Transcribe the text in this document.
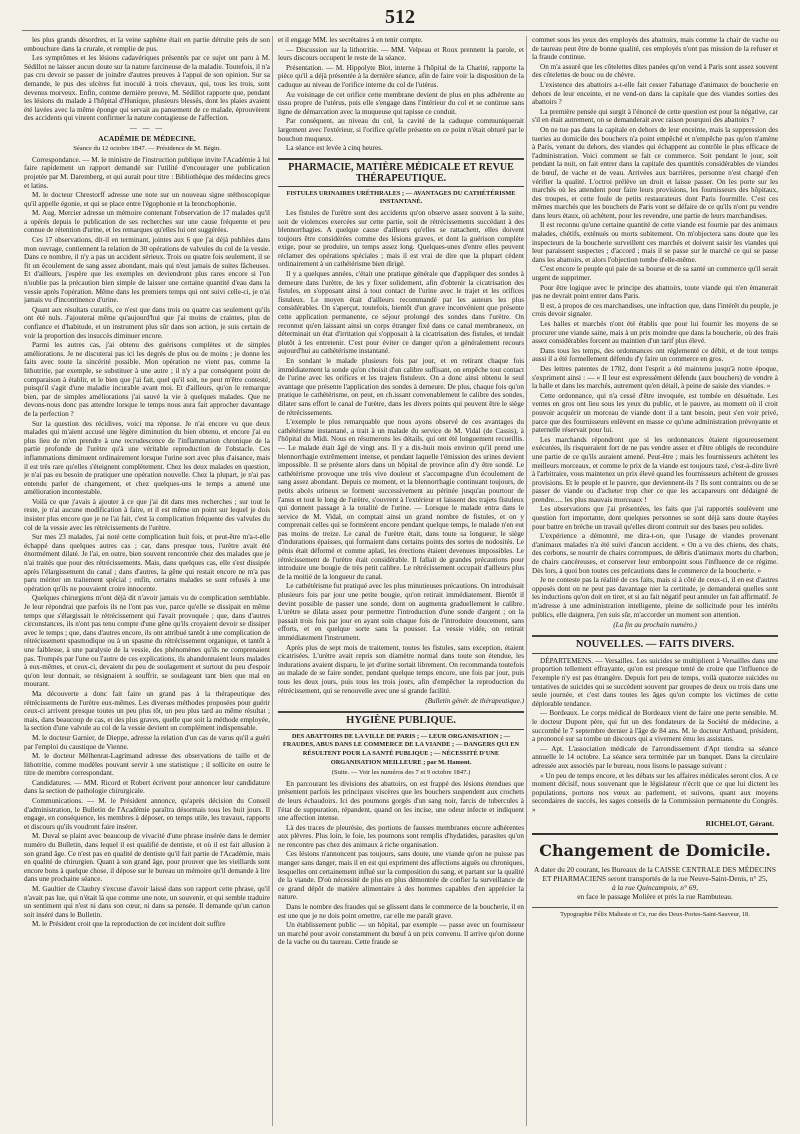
512

les plus grands désordres, et la veine saphène était en partie détruite près de son embouchure dans la crurale, et remplie de pus.

Les symptômes et les lésions cadavériques présentés par ce sujet ont paru à M. Sédillot ne laisser aucun doute sur la nature farcineuse de la maladie. Toutefois, il n'a pas cru devoir se passer de joindre d'autres preuves à l'appui de son opinion. Sur sa demande, le pus des ulcères fut inoculé à trois chevaux, qui, tous les trois, sont devenus morveux. Enfin, comme dernière preuve, M. Sédillot rapporte que, pendant les lésions du malade à l'hôpital d'Hunique, plusieurs blessés, dont les plaies avaient été lavées avec la même éponge qui servait au pansement de ce malade, éprouvèrent des accidents qui vinrent confirmer la nature contagieuse de l'affection.

— — —
ACADÉMIE DE MÉDECINE.
Séance du 12 octobre 1847. — Présidence de M. Bégin.

Correspondance. — M. le ministre de l'instruction publique invite l'Académie à lui faire rapidement un rapport demandé sur l'utilité d'encourager une publication projetée par M. Daremberg, et qui aurait pour titre : Bibliothèque des médecins grecs et latins.

M. le docteur Chrestorff adresse une note sur un nouveau signe stéthoscopique qu'il appelle égonie, et qui se place entre l'égophonie et la bronchophonie.

M. Aug. Mercier adresse un mémoire contenant l'observation de 17 malades qu'il a opérés depuis le publication de ses recherches sur une cause fréquente et peu connue de rétention d'urine, et les remarques qu'elles lui ont suggérées.

Ces 17 observations, dit-il en terminant, jointes aux 6 que j'ai déjà publiées dans mon ouvrage, contiennent la relation de 30 opérations de valvules du col de la vessie. Dans ce nombre, il n'y a pas un accident sérieux. Trois ou quatre fois seulement, il se fit un écoulement de sang assez abondant, mais qui n'eut jamais de suites fâcheuses. Et d'ailleurs, j'espère que les exemples en deviendront plus rares encore si l'on n'oublie pas la précaution bien simple de laisser une certaine quantité d'eau dans la vessie après l'opération. Même dans les premiers temps qui ont suivi celle-ci, je n'ai jamais vu d'incontinence d'urine.

Quant aux résultats curatifs, ce n'est que dans trois ou quatre cas seulement qu'ils ont été nuls. J'ajouterai même qu'aujourd'hui que j'ai moins de craintes, plus de confiance et d'habitude, et un instrument plus sûr dans son action, je suis certain de voir la proportion des insuccès diminuer encore.

Parmi les autres cas, j'ai obtenu des guérisons complètes et de simples améliorations. Je ne discuterai pas ici les degrés de plus ou de moins ; je donne les faits avec toute la sincérité possible. Mon opération ne vient pas, comme la lithotritie, par exemple, se substituer à une autre ; il n'y a par conséquent point de comparaison à établir, et le bien que j'ai fait, quel qu'il soit, ne peut m'être contesté, puisqu'il s'agit d'une maladie incurable avant moi. Et d'ailleurs, qu'on le remarque bien, par de simples améliorations j'ai sauvé la vie à quelques malades. Que ne devons-nous donc pas attendre lorsque le temps nous aura fait approcher davantage de la perfection ?

Sur la question des récidives, voici ma réponse. Je n'ai encore vu que deux malades qui m'aient accusé une légère diminution du bien obtenu, et encore j'ai eu plus lieu de m'en prendre à une recrudescence de l'inflammation chronique de la partie profonde de l'urètre qu'à une véritable reproduction de l'obstacle. Ces inflammations diminuent ordinairement lorsque l'urine sort avec plus d'aisance, mais il est très rare qu'elles s'éteignent complètement. Chez les deux malades en question, je n'ai pas eu besoin de pratiquer une opération nouvelle. Chez la plupart, je n'ai pas entendu parler de changement, et chez quelques-uns le temps a amené une amélioration incontestable.

Voilà ce que j'avais à ajouter à ce que j'ai dit dans mes recherches ; sur tout le reste, je n'ai aucune modification à faire, et il est même un point sur lequel je dois insister plus encore que je ne l'ai fait, c'est la complication fréquente des valvules du col de la vessie avec les rétrécissements de l'urètre.

Sur mes 23 malades, j'ai noté cette complication huit fois, et peut-être m'a-t-elle échappé dans quelques autres cas ; car, dans presque tous, l'urètre avait été énormément dilaté. Je l'ai, en outre, bien souvent rencontrée chez des malades que je n'ai traités que pour des rétrécissements. Mais, dans quelques cas, elle s'est dissipée après l'élargissement du canal ; dans d'autres, la gêne qui restait encore ne m'a pas paru mériter un traitement spécial ; enfin, certains malades se sont refusés à une opération qu'ils ne pouvaient croire innocente.

Quelques chirurgiens m'ont déjà dit n'avoir jamais vu de complication semblable. Je leur répondrai que parfois ils ne l'ont pas vue, parce qu'elle se dissipait en même temps que s'élargissait le rétrécissement qui l'avait provoquée ; que, dans d'autres circonstances, ils n'ont pas tenu compte d'une gêne qu'ils croyaient devoir se dissiper avec le temps ; que, dans d'autres encore, ils ont attribué tantôt à une complication de rétrécissement spasmodique ou à un spasme du rétrécissement organique, et tantôt à une faiblesse, à une paralysie de la vessie, des phénomènes qu'ils ne comprenaient pas. Trompés par l'une ou l'autre de ces explications, ils abandonnaient leurs malades à eux-mêmes, et ceux-ci, devaient du peu de soulagement et surtout du peu d'espoir qu'on leur donnait, se résignaient à souffrir, se soulageant tant bien que mal en mourant.

Ma découverte a donc fait faire un grand pas à la thérapeutique des rétrécissements de l'urètre eux-mêmes. Les diverses méthodes proposées pour guérir ceux-ci arrivent presque toutes un peu plus tôt, un peu plus tard au même résultat ; mais, dans beaucoup de cas, et des plus graves, quelle que soit la méthode employée, la section d'une valvule au col de la vessie devient un complément indispensable.

M. le docteur Garnier, de Dieppe, adresse la relation d'un cas de varus qu'il a guéri par l'emploi du caustique de Vienne.

M. le docteur Mélhenrat-Lagrimand adresse des observations de taille et de lithotritie, comme modèles pouvant servir à une statistique ; il sollicite en outre le titre de membre correspondant.

Candidatures. — MM. Ricord et Robert écrivent pour annoncer leur candidature dans la section de pathologie chirurgicale.

Communications. — M. le Président annonce, qu'après décision du Conseil d'administration, le Bulletin de l'Académie paraîtra désormais tous les huit jours. Il engage, en conséquence, les membres à déposer, en temps utile, les travaux, rapports et discours qu'ils voudront faire insérer.

M. Duval se plaint avec beaucoup de vivacité d'une phrase insérée dans le dernier numéro du Bulletin, dans lequel il est qualifié de dentiste, et où il est fait allusion à son grand âge. Ce n'est pas en qualité de dentiste qu'il fait partie de l'Académie, mais en qualité de chirurgien. Quant à son grand âge, pour prouver que les vieillards sont encore bons à quelque chose, il dépose sur le bureau un mémoire qu'il demande à lire dans une prochaine séance.

M. Gaultier de Claubry s'excuse d'avoir laissé dans son rapport cette phrase, qu'il n'avait pas lue, qui n'était là que comme une note, un souvenir, et qui semble traduire un sentiment qui n'est ni dans son cœur, ni dans sa pensée. Il demande qu'un carton soit inséré dans le Bulletin.

M. le Président croit que la reproduction de cet incident doit suffire

et il engage MM. les secrétaires à en tenir compte.

— Discussion sur la lithotritie. — MM. Velpeau et Roux prennent la parole, et leurs discours occupent le reste de la séance.

Présentation. — M. Hippolyte Blot, interne à l'hôpital de la Charité, rapporte la pièce qu'il a déjà présentée à la dernière séance, afin de faire voir la disposition de la caduque au niveau de l'orifice interne du col de l'utérus.

Au voisinage de cet orifice cette membrane devient de plus en plus adhérente au tissu propre de l'utérus, puis elle s'engage dans l'intérieur du col et se continue sans ligne de démarcation avec la muqueuse qui tapisse ce conduit.

Par conséquent, au niveau du col, la cavité de la caduque communiquerait largement avec l'extérieur, si l'orifice qu'elle présente en ce point n'était obturé par le bouchon muqueux.

La séance est levée à cinq heures.

PHARMACIE, MATIÈRE MÉDICALE ET REVUE THÉRAPEUTIQUE.
FISTULES URINAIRES URÉTHRALES ; — AVANTAGES DU CATHÉTÉRISME INSTANTANÉ.

Les fistules de l'urètre sont des accidents qu'on observe assez souvent à la suite, soit de violences exercées sur cette partie, soit de rétrécissements succédant à des blennorrhagies. A quelque cause d'ailleurs qu'elles se rattachent, elles doivent toujours être considérées comme des lésions graves, et dont la guérison complète exige, pour se produire, un temps assez long. Quelques-unes d'entre elles peuvent réclamer des opérations spéciales ; mais il est vrai de dire que la plupart cèdent ordinairement à un cathétérisme bien dirigé.

Il y a quelques années, c'était une pratique générale que d'appliquer des sondes à demeure dans l'urètre, de les y fixer solidement, afin d'obtenir la cicatrisation des fistules, en s'opposant ainsi à tout contact de l'urine avec le trajet et les orifices fistuleux. Le moyen était d'ailleurs recommandé par les auteurs les plus considérables. On s'aperçut, toutefois, bientôt d'un grave inconvénient que présente cette application permanente, ce séjour prolongé des sondes dans l'urètre. On reconnut qu'en laissant ainsi un corps étranger fixé dans ce canal membraneux, on déterminait un état d'irritation qui s'opposait à la cicatrisation des fistules, et tendait plutôt à les entretenir. C'est pour éviter ce danger qu'on a généralement recours aujourd'hui au cathétérisme instantané.

En sondant le malade plusieurs fois par jour, et en retirant chaque fois immédiatement la sonde qu'on choisit d'un calibre suffisant, on empêche tout contact de l'urine avec les orifices et les trajets fistuleux. On a donc ainsi obtenu le seul avantage que présente l'application des sondes à demeure. De plus, chaque fois qu'on pratique le cathétérisme, on peut, en ch.issant convenablement le calibre des sondes, dilater sans effort le canal de l'urètre, dans les divers points qui peuvent être le siège de rétrécissements.

L'exemple le plus remarquable que nous ayons observé de ces avantages du cathétérisme instantané, a trait à un malade du service de M. Vidal (de Cassis), à l'hôpital du Midi. Nous en résumerons les détails, qui ont été longuement recueillis. — Le malade était âgé de vingt ans. Il y a dix-huit mois environ qu'il prend une blennorrhagie extrêmement intense, et pendant laquelle l'émission des urines devient impossible. Il se présente alors dans un hôpital de province afin d'y être sondé. Le cathétérisme provoque une très vive douleur et s'accompagne d'un écoulement de sang assez abondant. Depuis ce moment, et la blennorrhagie continuant toujours, de petits abcès urineux se forment successivement au périnée jusqu'au pourtour de l'anus et tout le long de l'urètre, s'ouvrent à l'extérieur et laissent des trajets fistuleux qui donnent passage à la totalité de l'urine. — Lorsque le malade entra dans le service de M. Vidal, on comptait ainsi un grand nombre de fistules, et on y comprenait celles qui se formèrent encore pendant quelque temps, le malade n'en eut pas moins de treize. Le canal de l'urètre était, dans toute sa longueur, le siège d'indurations épaisses, qui formaient dans certains points des sortes de nodosités. Le pénis était déformé et comme aplati, les érections étaient devenues impossibles. Le rétrécissement de l'urètre était considérable. Il fallait de grandes précautions pour introduire une bougie de très petit calibre. Le rétrécissement occupait d'ailleurs plus de la moitié de la longueur du canal.

Le cathétérisme fut pratiqué avec les plus minutieuses précautions. On introduisait plusieurs fois par jour une petite bougie, qu'on retirait immédiatement. Bientôt il devint possible de passer une sonde, dont on augmenta graduellement le calibre. L'urètre se dilata assez pour permettre l'introduction d'une sonde d'argent ; on la passait trois fois par jour en ayant soin chaque fois de l'introduire doucement, sans efforts, et en quelque sorte sans la pousser. La vessie vidée, on retirait immédiatement l'instrument.

Après plus de sept mois de traitement, toutes les fistules, sans exception, étaient cicatrisées. L'urètre avait repris son diamètre normal dans toute son étendue, les indurations avaient disparu, le jet d'urine sortait librement. On recommanda toutefois au malade de se faire sonder, pendant quelque temps encore, une fois par jour, puis tous les deux jours, puis tous les trois jours, afin d'empêcher la reproduction du rétrécissement, qui se renouvelle avec une si grande facilité.

(Bulletin génér. de thérapeutique.)
HYGIÈNE PUBLIQUE.
DES ABATTOIRS DE LA VILLE DE PARIS ; — LEUR ORGANISATION ; — FRAUDES, ABUS DANS LE COMMERCE DE LA VIANDE ; — DANGERS QUI EN RÉSULTENT POUR LA SANTÉ PUBLIQUE ; — NÉCESSITÉ D'UNE ORGANISATION MEILLEURE ; par M. Hamont.
(Suite. — Voir les numéros des 7 et 9 octobre 1847.)

En parcourant les divisions des abattoirs, on est frappé des lésions étendues que présentent parfois les principaux viscères que les bouchers suspendent aux crochets de leurs échaudoirs. Ici des poumons gorgés d'un sang noir, farcis de tubercules à l'état de suppuration, répandent, quand on les incise, une odeur infecte et indiquent une affection intense.

Là des traces de pleurésie, des portions de fausses membranes encore adhérentes aux plèvres. Plus loin, le foie, les poumons sont remplis d'hydatides, parasites qu'on ne rencontre pas chez des animaux à riche organisation.

Ces lésions n'annoncent pas toujours, sans doute, une viande qu'on ne puisse pas manger sans danger, mais il en est qui expriment des affections aiguës ou chroniques, lesquelles ont certainement influé sur la composition du sang, et partant sur la qualité de la viande. D'où nécessité de plus en plus démontrée de confier la surveillance de ce grand dépôt de matière alimentaire à des hommes capables d'en apprécier la nature.

Dans le nombre des fraudes qui se glissent dans le commerce de la boucherie, il en est une que je ne dois point omettre, car elle me paraît grave.

Un établissement public — un hôpital, par exemple — passe avec un fournisseur un marché pour avoir constamment du bœuf à un prix convenu. Il arrive qu'on donne de la vache ou du taureau. Cette fraude se

commet sous les yeux des employés des abattoirs, mais comme la chair de vache ou de taureau peut être de bonne qualité, ces employés n'ont pas mission de la refuser et la fraude continue.

On m'a assuré que les côtelettes dites panées qu'on vend à Paris sont assez souvent des côtelettes de bouc ou de chèvre.

L'existence des abattoirs a-t-elle fait cesser l'abattage d'animaux de boucherie en dehors de leur enceinte, et ne vend-on dans la capitale que des viandes sorties des abattoirs ?

La première pensée qui surgit à l'énoncé de cette question est pour la négative, car s'il en était autrement, on se demanderait avec raison pourquoi des abattoirs ?

On ne tue pas dans la capitale en dehors de leur enceinte, mais la suppression des tueries au domicile des bouchers n'a point empêché et n'empêche pas qu'on n'amène à Paris, venant du dehors, des viandes qui échappent au contrôle le plus efficace de l'administration. Voici comment se fait ce commerce. Soit pendant le jour, soit pendant la nuit, on fait entrer dans la capitale des quantités considérables de viandes de bœuf, de vache et de veau. Arrivées aux barrières, personne n'est chargé d'en vérifier la qualité. L'octroi prélève un droit et laisse passer. On les porte sur les marchés où les attendent pour faire leurs provisions, les fournisseurs des hôpitaux, des troupes, et cette foule de petits restaurateurs dont Paris fourmille. C'est ces mêmes marchés que les bouchers de Paris vont se défaire de ce qu'ils n'ont pu vendre dans leurs étaux, où achètent, pour les revendre, une partie de leurs marchandises.

Il est reconnu qu'une certaine quantité de cette viande est fournie par des animaux malades, chétifs, exténués ou morts subitement. On m'objectera sans doute que les inspecteurs de la boucherie surveillent ces marchés et doivent saisir les viandes qui leur paraissent suspectes ; d'accord ; mais il se passe sur le marché ce qui se passe dans les abattoirs, et alors l'objection tombe d'elle-même.

C'est encore le peuple qui paie de sa bourse et de sa santé un commerce qu'il serait urgent de supprimer.

Pour être logique avec le principe des abattoirs, toute viande qui n'en émanerait pas ne devrait point entrer dans Paris.

Il est, à propos de ces marchandises, une infraction que, dans l'intérêt du peuple, je crois devoir signaler.

Les halles et marchés n'ont été établis que pour lui fournir les moyens de se procurer une viande saine, mais à un prix moindre que dans la boucherie, où des frais assez considérables forcent au maintien d'un tarif plus élevé.

Dans tous les temps, des ordonnances ont réglementé ce débit, et de tout temps aussi il a été formellement défendu d'y faire un commerce en gros.

Des lettres patentes de 1782, dont l'esprit a été maintenu jusqu'à notre époque, s'expriment ainsi : — « Il leur est expressément défendu (aux bouchers) de vendre à la halle et dans les marchés, autrement qu'en détail, à peine de saisie des viandes. »

Cette ordonnance, qui n'a cessé d'être invoquée, est tombée en désuétude. Les ventes en gros ont lieu sous les yeux du public, et le pauvre, au moment où il croit pouvoir acquérir un morceau de viande dont il a tant besoin, peut s'en voir privé, parce que des fournisseurs enlèvent en masse ce qu'une administration prévoyante et paternelle réservait pour lui.

Les marchands répondront que si les ordonnances étaient rigoureusement exécutées, ils risqueraient fort de ne pas vendre assez et d'être obligés de reconduire une partie de ce qu'ils auraient amené. Peut-être ; mais les fournisseurs achètent les meilleurs morceaux, et comme le prix de la viande est toujours taxé, c'est-à-dire livré à l'arbitraire, vous maintenez un prix élevé quand les fournisseurs achètent de grosses provisions. Et le peuple et le pauvre, que deviennent-ils ? Ils sont contraints ou de se passer de viande ou d'acheter trop cher ce que les accapareurs ont dédaigné de prendre..... les plus mauvais morceaux !

Les observations que j'ai présentées, les faits que j'ai rapportés soulèvent une question fort importante, dont quelques personnes se sont déjà sans doute étayées pour battre en brèche un travail qu'elles diront contruit sur des bases peu solides.

L'expérience a démontré, me dira-t-on, que l'usage de viandes provenant d'animaux malades n'a été suivi d'aucun accident. « On a vu des chiens, des chats, des corbons, se nourrir de chairs corrompues, de débris d'animaux morts du charbon, de chairs cancéreuses, et conserver leur embonpoint sous l'influence de ce régime. Dès lors, à quoi bon toutes ces précautions dans le commerce de la boucherie. »

Je ne conteste pas la réalité de ces faits, mais si à côté de ceux-ci, il en est d'autres opposés dont on ne peut pas davantage nier la certitude, je demanderai quelles sont les inductions qu'on doit en tirer, et si au fait négatif peut annuler un fait affirmatif. Je m'adresse à une administration intelligente, pleine de sollicitude pour les intérêts publics, elle daignera, j'en suis sûr, m'accorder un moment son attention.

(La fin au prochain numéro.)
NOUVELLES. — FAITS DIVERS.

DÉPARTEMENS. — Versailles. Les suicides se multiplient à Versailles dans une proportion tellement effrayante, qu'on est presque tenté de croire que l'influence de l'exemple n'y est pas étrangère. Depuis fort peu de temps, voilà quatorze suicides ou tentatives de suicides qui se succèdent souvent par groupes de deux ou trois dans une seule journée, et c'est dans toutes les âges qu'on compte les victimes de cette déplorable tendance.

— Bordeaux. Le corps médical de Bordeaux vient de faire une perte sensible. M. le docteur Dupont père, qui fut un des fondateurs de la Société de médecine, a succombé le 7 septembre dernier à l'âge de 84 ans. M. le docteur Arthaud, président, a prononcé sur sa tombe un discours qui a vivement ému les assistans.

— Apt. L'association médicale de l'arrondissement d'Apt tiendra sa séance annuelle le 14 octobre. La séance sera terminée par un banquet. Dans la circulaire adressée aux associés par le bureau, nous lisons le passage suivant :

« Un peu de temps encore, et les débats sur les affaires médicales seront clos. A ce moment décisif, nous souvenant que le législateur n'écrit que ce que lui dictent les populations, portons nos vœux au parlement, et suivons, quant aux moyens secondaires de succès, les sages conseils de la Commission permanente du Congrès. »

RICHELOT, Gérant.
Changement de Domicile.
A dater du 20 courant, les Bureaux de la CAISSE CENTRALE DES MÉDECINS ET PHARMACIENS seront transportés de la rue Neuve-Saint-Denis, n° 25,
à la rue Quincampoix, n° 69,
en face le passage Molière et près la rue Rambuteau.
Typographie Félix Malteste et Ce, rue des Deux-Portes-Saint-Sauveur, 18.
